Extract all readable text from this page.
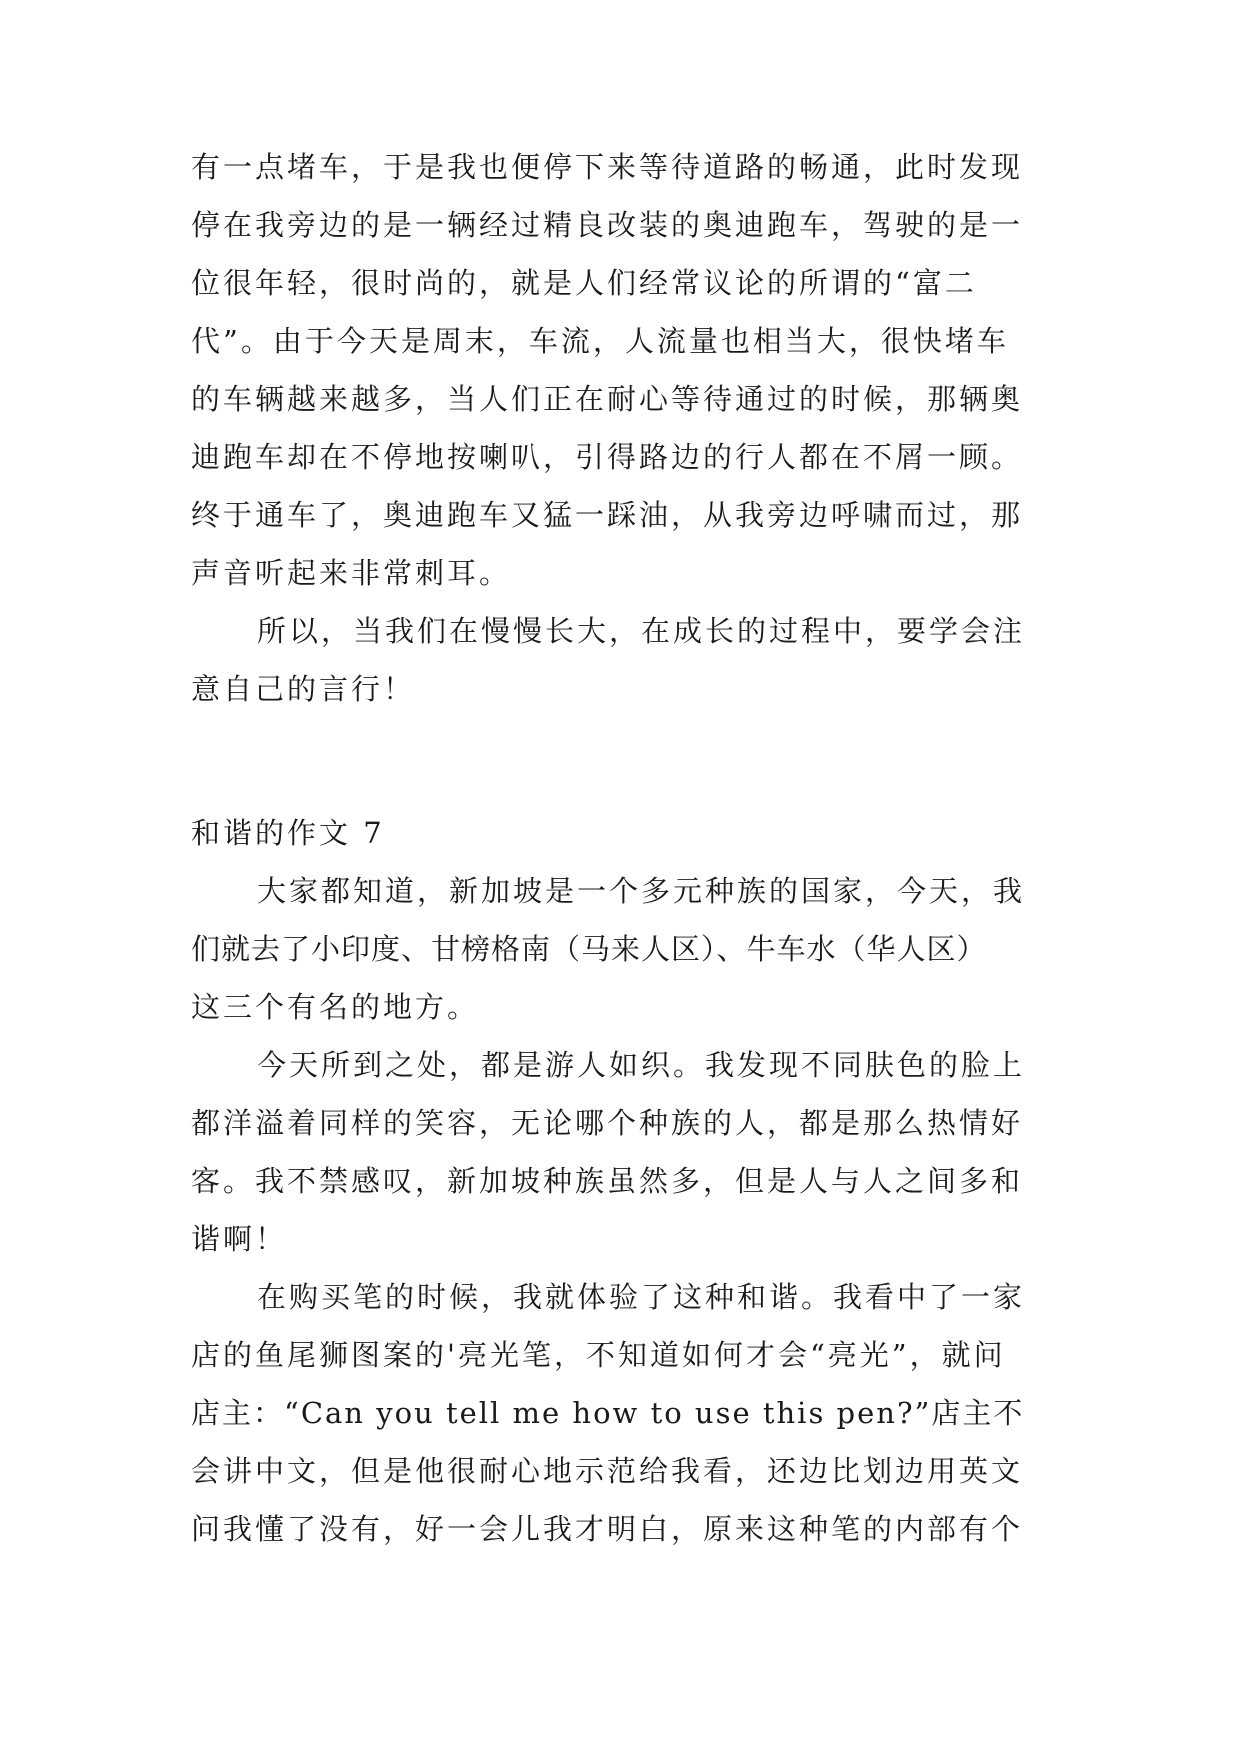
有一点堵车，于是我也便停下来等待道路的畅通，此时发现
停在我旁边的是一辆经过精良改装的奥迪跑车，驾驶的是一
位很年轻，很时尚的，就是人们经常议论的所谓的“富二
代”。由于今天是周末，车流，人流量也相当大，很快堵车
的车辆越来越多，当人们正在耐心等待通过的时候，那辆奥
迪跑车却在不停地按喇叭，引得路边的行人都在不屑一顾。
终于通车了，奥迪跑车又猛一踩油，从我旁边呼啸而过，那
声音听起来非常刺耳。
所以，当我们在慢慢长大，在成长的过程中，要学会注
意自己的言行！
和谐的作文 7
大家都知道，新加坡是一个多元种族的国家，今天，我
们就去了小印度、甘榜格南（马来人区）、牛车水（华人区）
这三个有名的地方。
今天所到之处，都是游人如织。我发现不同肤色的脸上
都洋溢着同样的笑容，无论哪个种族的人，都是那么热情好
客。我不禁感叹，新加坡种族虽然多，但是人与人之间多和
谐啊！
在购买笔的时候，我就体验了这种和谐。我看中了一家
店的鱼尾狮图案的'亮光笔，不知道如何才会“亮光”，就问
店主：“Can you tell me how to use this pen?”店主不
会讲中文，但是他很耐心地示范给我看，还边比划边用英文
问我懂了没有，好一会儿我才明白，原来这种笔的内部有个
